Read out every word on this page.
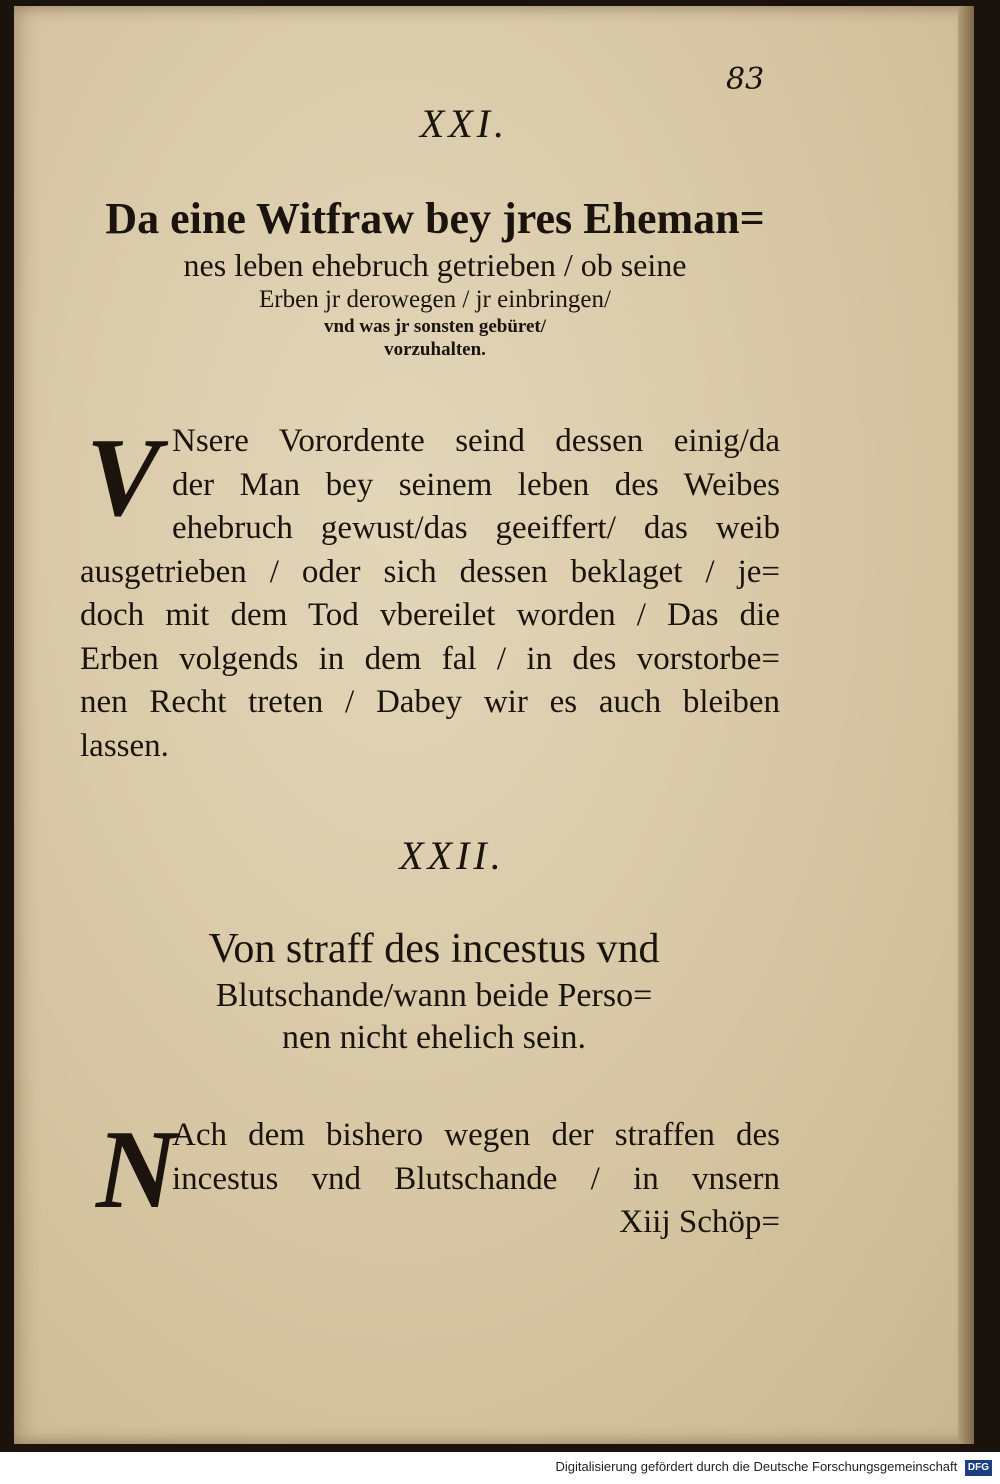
83
XXI.
Da eine Witfraw bey jres Eheman=
nes leben ehebruch getrieben / ob seine
Erben jr derowegen / jr einbringen/
vnd was jr sonsten gebüret/
vorzuhalten.
V Nsere Vorordente seind dessen einig/da
der Man bey seinem leben des Weibes
ehebruch gewust/das geeiffert/ das weib
ausgetrieben / oder sich dessen beklaget / je=
doch mit dem Tod vbereilet worden / Das die
Erben volgends in dem fal / in des vorstorbe=
nen Recht treten / Dabey wir es auch bleiben
lassen.
XXII.
Von straff des incestus vnd
Blutschande/wann beide Perso=
nen nicht ehelich sein.
N
Ach dem bishero wegen der straffen des
incestus vnd Blutschande / in vnsern
Xiij Schöp=
Digitalisierung gefördert durch die Deutsche Forschungsgemeinschaft DFG
